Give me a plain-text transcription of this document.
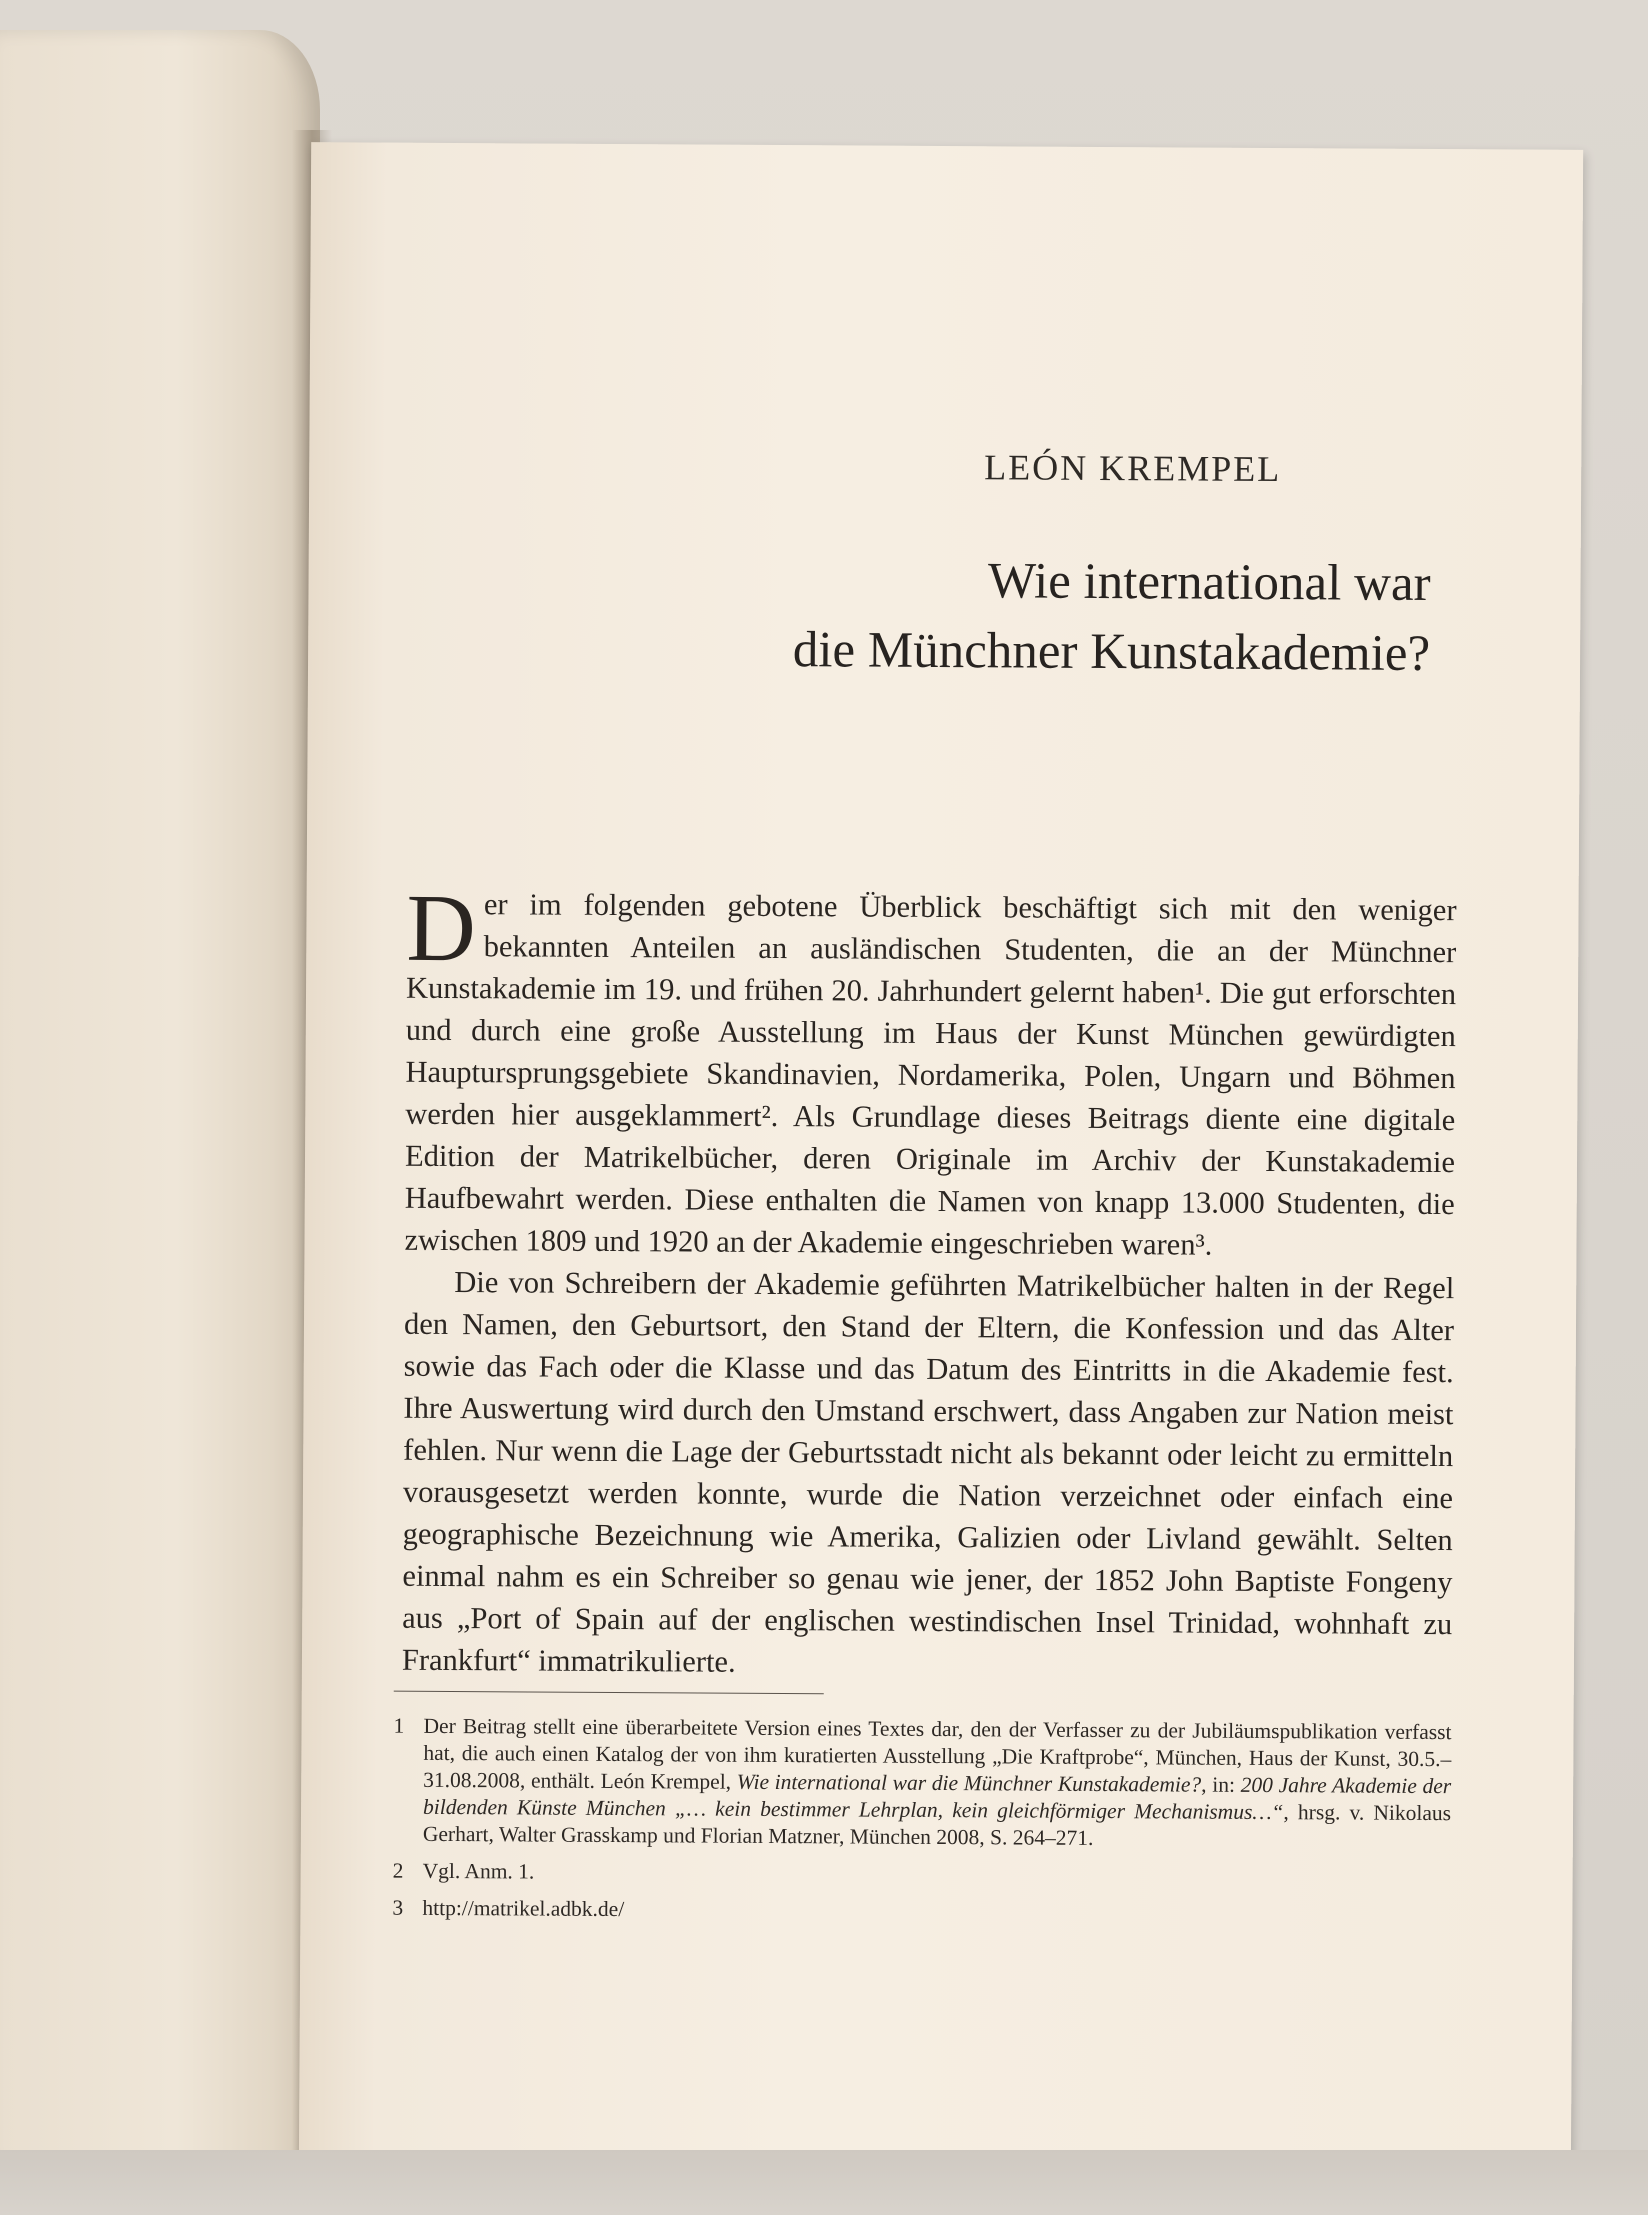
LEÓN KREMPEL
Wie international war
die Münchner Kunstakademie?

Der im folgenden gebotene Überblick beschäftigt sich mit den weniger bekannten Anteilen an ausländischen Studenten, die an der Münchner Kunstakademie im 19. und frühen 20. Jahrhundert gelernt haben¹. Die gut erforschten und durch eine große Ausstellung im Haus der Kunst München gewürdigten Hauptursprungsgebiete Skandinavien, Nordamerika, Polen, Ungarn und Böhmen werden hier ausgeklammert². Als Grundlage dieses Beitrags diente eine digitale Edition der Matrikelbücher, deren Originale im Archiv der Kunstakademie Haufbewahrt werden. Diese enthalten die Namen von knapp 13.000 Studenten, die zwischen 1809 und 1920 an der Akademie eingeschrieben waren³.

Die von Schreibern der Akademie geführten Matrikelbücher halten in der Regel den Namen, den Geburtsort, den Stand der Eltern, die Konfession und das Alter sowie das Fach oder die Klasse und das Datum des Eintritts in die Akademie fest. Ihre Auswertung wird durch den Umstand erschwert, dass Angaben zur Nation meist fehlen. Nur wenn die Lage der Geburtsstadt nicht als bekannt oder leicht zu ermitteln vorausgesetzt werden konnte, wurde die Nation verzeichnet oder einfach eine geographische Bezeichnung wie Amerika, Galizien oder Livland gewählt. Selten einmal nahm es ein Schreiber so genau wie jener, der 1852 John Baptiste Fongeny aus „Port of Spain auf der englischen westindischen Insel Trinidad, wohnhaft zu Frankfurt“ immatrikulierte.

1 Der Beitrag stellt eine überarbeitete Version eines Textes dar, den der Verfasser zu der Jubiläumspublikation verfasst hat, die auch einen Katalog der von ihm kuratierten Ausstellung „Die Kraftprobe“, München, Haus der Kunst, 30.5.–31.08.2008, enthält. León Krempel, Wie international war die Münchner Kunstakademie?, in: 200 Jahre Akademie der bildenden Künste München „… kein bestimmer Lehrplan, kein gleichförmiger Mechanismus…“, hrsg. v. Nikolaus Gerhart, Walter Grasskamp und Florian Matzner, München 2008, S. 264–271.
2 Vgl. Anm. 1.
3 http://matrikel.adbk.de/
